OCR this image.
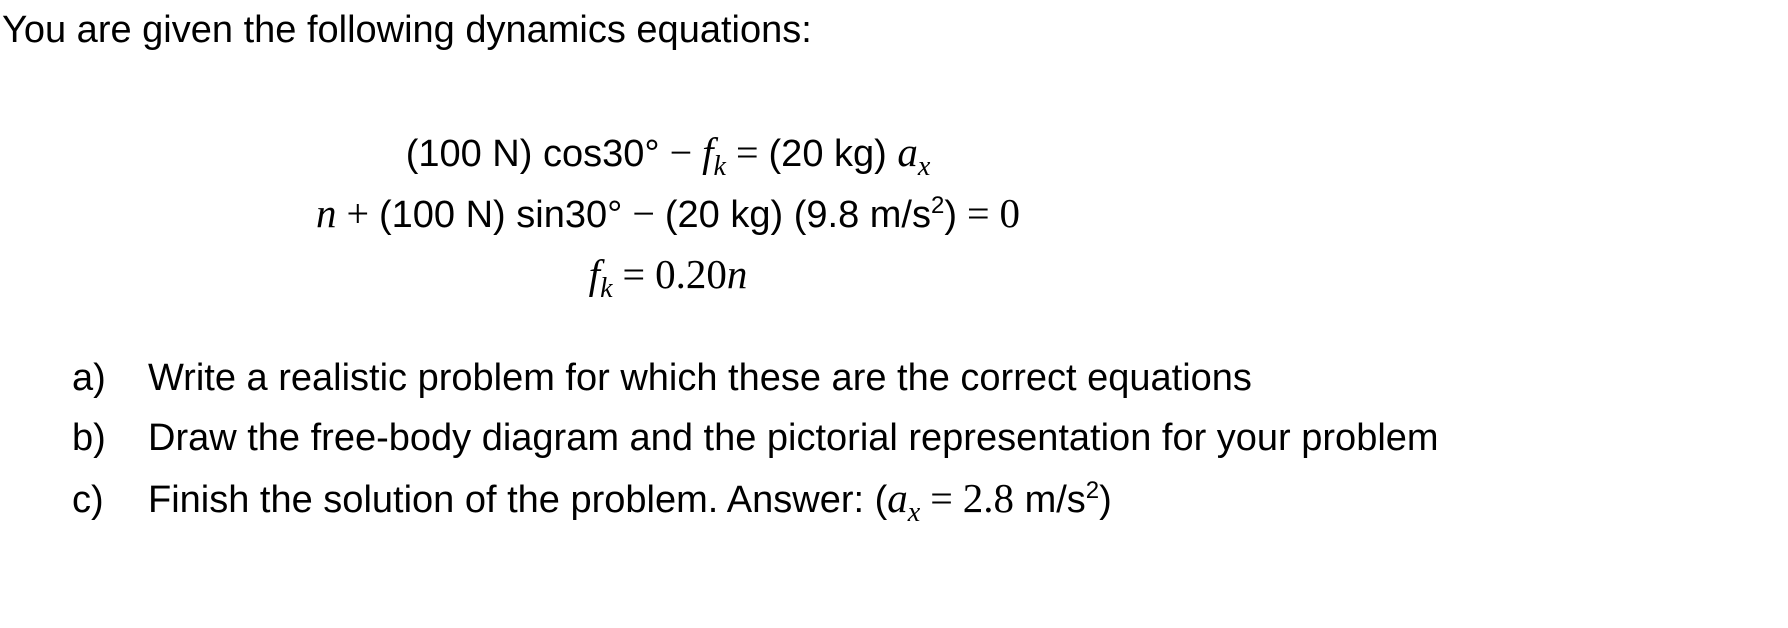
You are given the following dynamics equations:

(100 N) $\cos 30^\circ - f_k = (20$ kg) $a_x$
n + (100 N) sin30° − (20 kg) (9.8 $m/s^2) = 0$
$f_k = 0.20n$
a) Write a realistic problem for which these are the correct equations
b) Draw the free-body diagram and the pictorial representation for your problem
c) Finish the solution of the problem. Answer: ($a_x = 2.8$ $m/s^2$)
